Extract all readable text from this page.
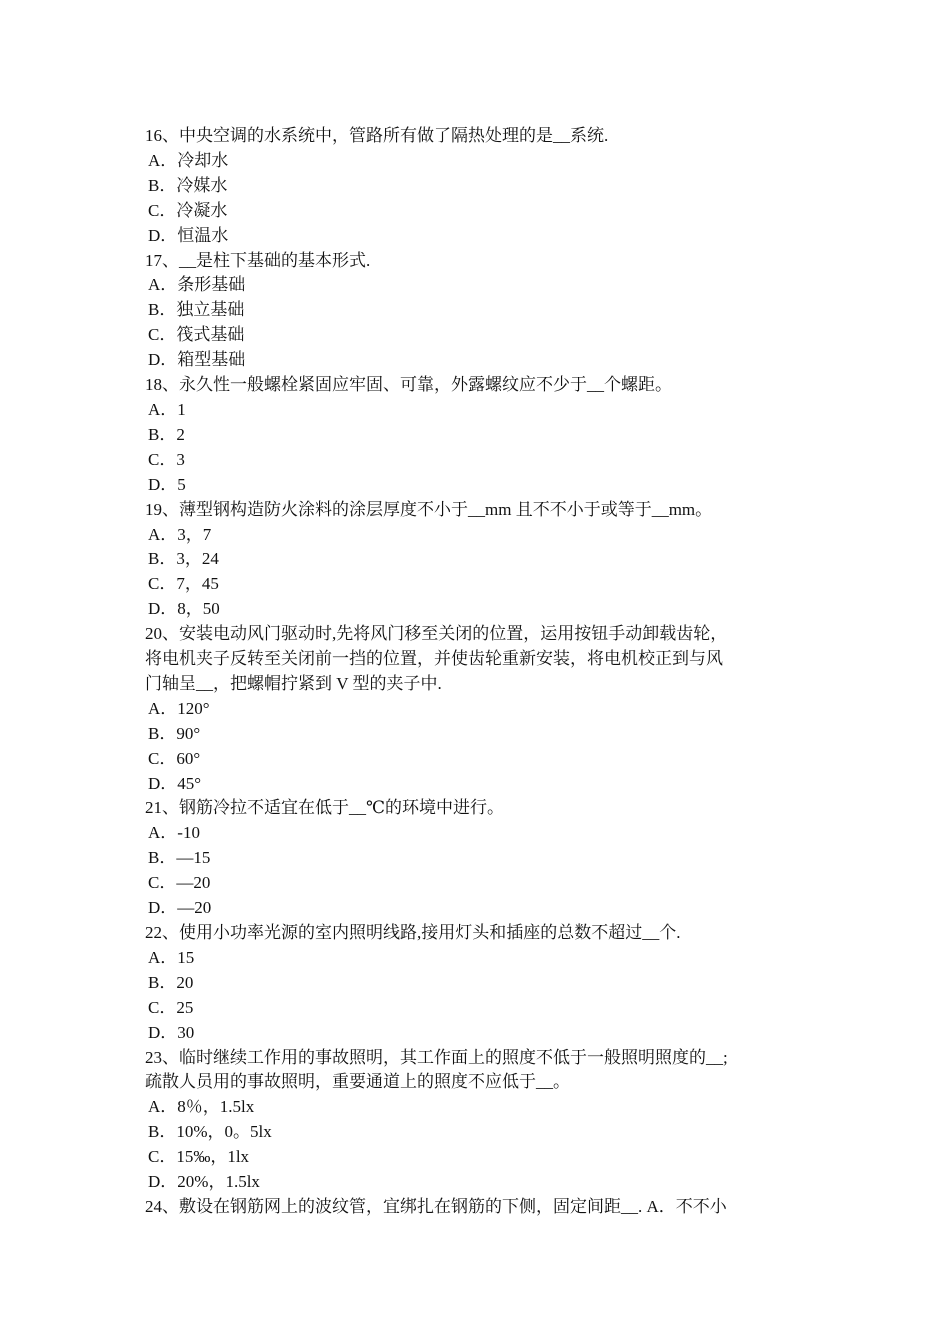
16、中央空调的水系统中，管路所有做了隔热处理的是__系统.

A．冷却水

B．冷媒水

C．冷凝水

D．恒温水

17、__是柱下基础的基本形式.

A．条形基础

B．独立基础

C．筏式基础

D．箱型基础

18、永久性一般螺栓紧固应牢固、可靠，外露螺纹应不少于__个螺距。

A．1

B．2

C．3

D．5

19、薄型钢构造防火涂料的涂层厚度不小于__mm 且不不小于或等于__mm。

A．3，7

B．3，24

C．7，45

D．8，50

20、安装电动风门驱动时,先将风门移至关闭的位置，运用按钮手动卸载齿轮，
将电机夹子反转至关闭前一挡的位置，并使齿轮重新安装，将电机校正到与风
门轴呈__，把螺帽拧紧到 V 型的夹子中.

A．120°

B．90°

C．60°

D．45°

21、钢筋冷拉不适宜在低于__℃的环境中进行。

A．-10

B．—15

C．—20

D．—20

22、使用小功率光源的室内照明线路,接用灯头和插座的总数不超过__个.

A．15

B．20

C．25

D．30

23、临时继续工作用的事故照明，其工作面上的照度不低于一般照明照度的__;
疏散人员用的事故照明，重要通道上的照度不应低于__。

A．8％，1.5lx

B．10%，0。5lx

C．15‰，1lx

D．20%，1.5lx

24、敷设在钢筋网上的波纹管，宜绑扎在钢筋的下侧，固定间距__. A．不不小
